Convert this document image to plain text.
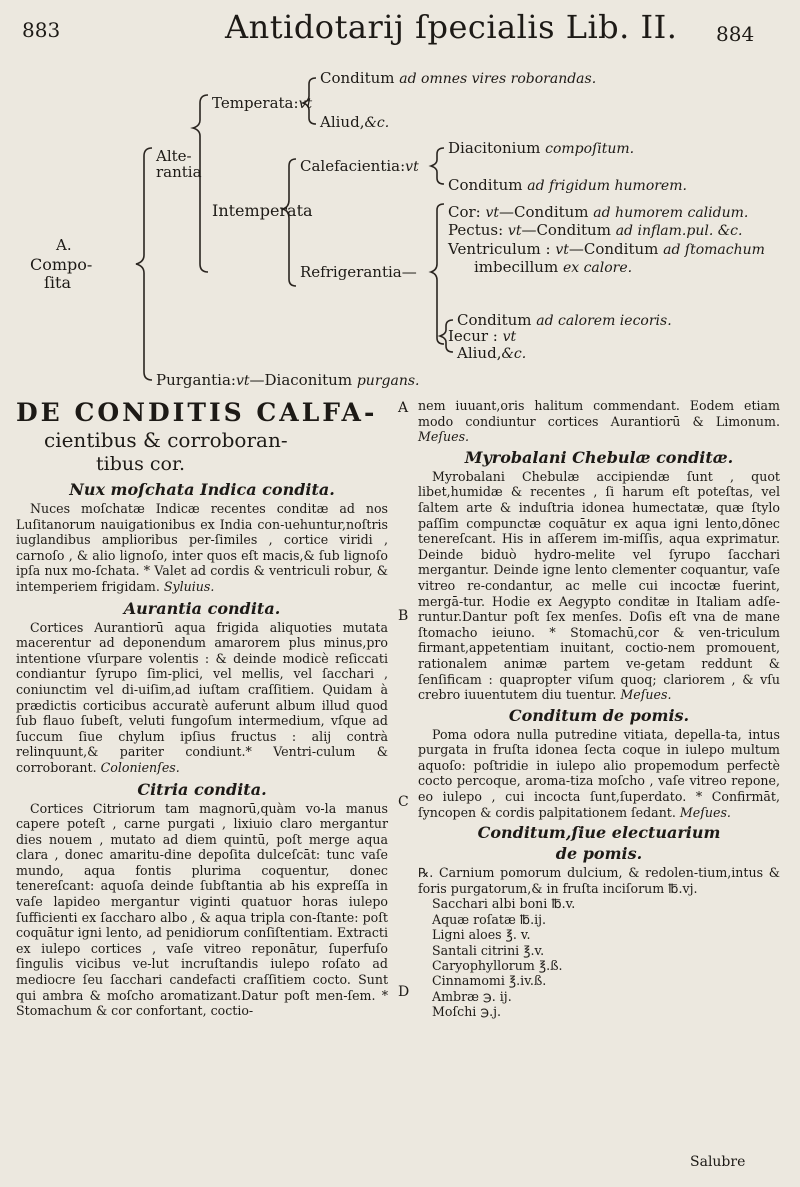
883	Antidotarij ſpecialis Lib. II. 884
A.
Compo-
ſita
Alte-
rantia
Temperata:vt
Conditum ad omnes vires roborandas.
Aliud,&c.
Intemperata
Calefacientia:vt
Diacitonium compoſitum.
Conditum ad frigidum humorem.
Refrigerantia—
Cor: vt—Conditum ad humorem calidum.
Pectus: vt—Conditum ad inflam.pul. &c.
Ventriculum : vt—Conditum ad ſtomachum
imbecillum ex calore.
Conditum ad calorem iecoris.
Iecur : vt
Aliud,&c.
Purgantia:vt—Diaconitum purgans.

DE CONDITIS CALFA-

cientibus & corroboran-

tibus cor.

Nux moſchata Indica condita.

Nuces moſchatæ Indicæ recentes conditæ ad nos Luſitanorum nauigationibus ex India con-uehuntur,noſtris iuglandibus amplioribus per-ſimiles , cortice viridi , carnoſo , & alio lignoſo, inter quos eſt macis,& ſub lignoſo ipſa nux mo-ſchata. * Valet ad cordis & ventriculi robur, & intemperiem frigidam. Syluius.

Aurantia condita.

Cortices Aurantiorū aqua frigida aliquoties mutata macerentur ad deponendum amarorem plus minus,pro intentione vſurpare volentis : & deinde modicè reſiccati condiantur ſyrupo ſim-plici, vel mellis, vel ſacchari , coniunctim vel di-uiſim,ad iuſtam craſſitiem. Quidam à prædictis corticibus accuratè auferunt album illud quod ſub flauo ſubeſt, veluti fungoſum intermedium, vſque ad ſuccum ſiue chylum ipſius fructus : alij contrà relinquunt,& pariter condiunt.* Ventri-culum & corroborant. Colonienſes.

Citria condita.

Cortices Citriorum tam magnorū,quàm vo-la manus capere poteſt , carne purgati , lixiuio claro mergantur dies nouem , mutato ad diem quintū, poſt merge aqua clara , donec amaritu-dine depoſita dulceſcāt: tunc vaſe mundo, aqua fontis plurima coquentur, donec tenereſcant: aquoſa deinde ſubſtantia ab his expreſſa in vaſe lapideo mergantur viginti quatuor horas iulepo ſufficienti ex ſaccharo albo , & aqua tripla con-ſtante: poſt coquātur igni lento, ad penidiorum conſiſtentiam. Extracti ex iulepo cortices , vaſe vitreo reponātur, ſuperfuſo ſingulis vicibus ve-lut incruſtandis iulepo roſato ad mediocre ſeu ſacchari candefacti craſſitiem cocto. Sunt qui ambra & moſcho aromatizant.Datur poſt men-ſem. * Stomachum & cor confortant, coctio-

A
B
C
D

nem iuuant,oris halitum commendant. Eodem etiam modo condiuntur cortices Aurantiorū & Limonum. Meſues.

Myrobalani Chebulæ conditæ.

Myrobalani Chebulæ accipiendæ ſunt , quot libet,humidæ & recentes , ſi harum eſt poteſtas, vel ſaltem arte & induſtria idonea humectatæ, quæ ſtylo paſſim compunctæ coquātur ex aqua igni lento,dōnec tenereſcant. His in aſſerem im-miſſis, aqua exprimatur. Deinde biduò hydro-melite vel ſyrupo ſacchari mergantur. Deinde igne lento clementer coquantur, vaſe vitreo re-condantur, ac melle cui incoctæ fuerint, mergā-tur. Hodie ex Aegypto conditæ in Italiam adſe-runtur.Dantur poſt ſex menſes. Doſis eſt vna de mane ſtomacho ieiuno. * Stomachū,cor & ven-triculum firmant,appetentiam inuitant, coctio-nem promouent, rationalem animæ partem ve-getam reddunt & ſenſificam : quapropter viſum quoq; clariorem , & vſu crebro iuuentutem diu tuentur. Meſues.

Conditum de pomis.

Poma odora nulla putredine vitiata, depella-ta, intus purgata in fruſta idonea ſecta coque in iulepo multum aquoſo: poſtridie in iulepo alio propemodum perfectè cocto percoque, aroma-tiza moſcho , vaſe vitreo repone, eo iulepo , cui incocta ſunt,ſuperdato. * Confirmāt, ſyncopen & cordis palpitationem ſedant. Meſues.

Conditum,ſiue electuarium
de pomis.

℞. Carnium pomorum dulcium, & redolen-tium,intus & foris purgatorum,& in fruſta inciſorum ℔.vj.

Sacchari albi boni ℔.v.
Aquæ roſatæ ℔.ij.
Ligni aloes ℥. v.
Santali citrini ℥.v.
Caryophyllorum ℥.ß.
Cinnamomi ℥.iv.ß.
Ambræ ℈. ij.
Moſchi ℈.j.
Salubre
